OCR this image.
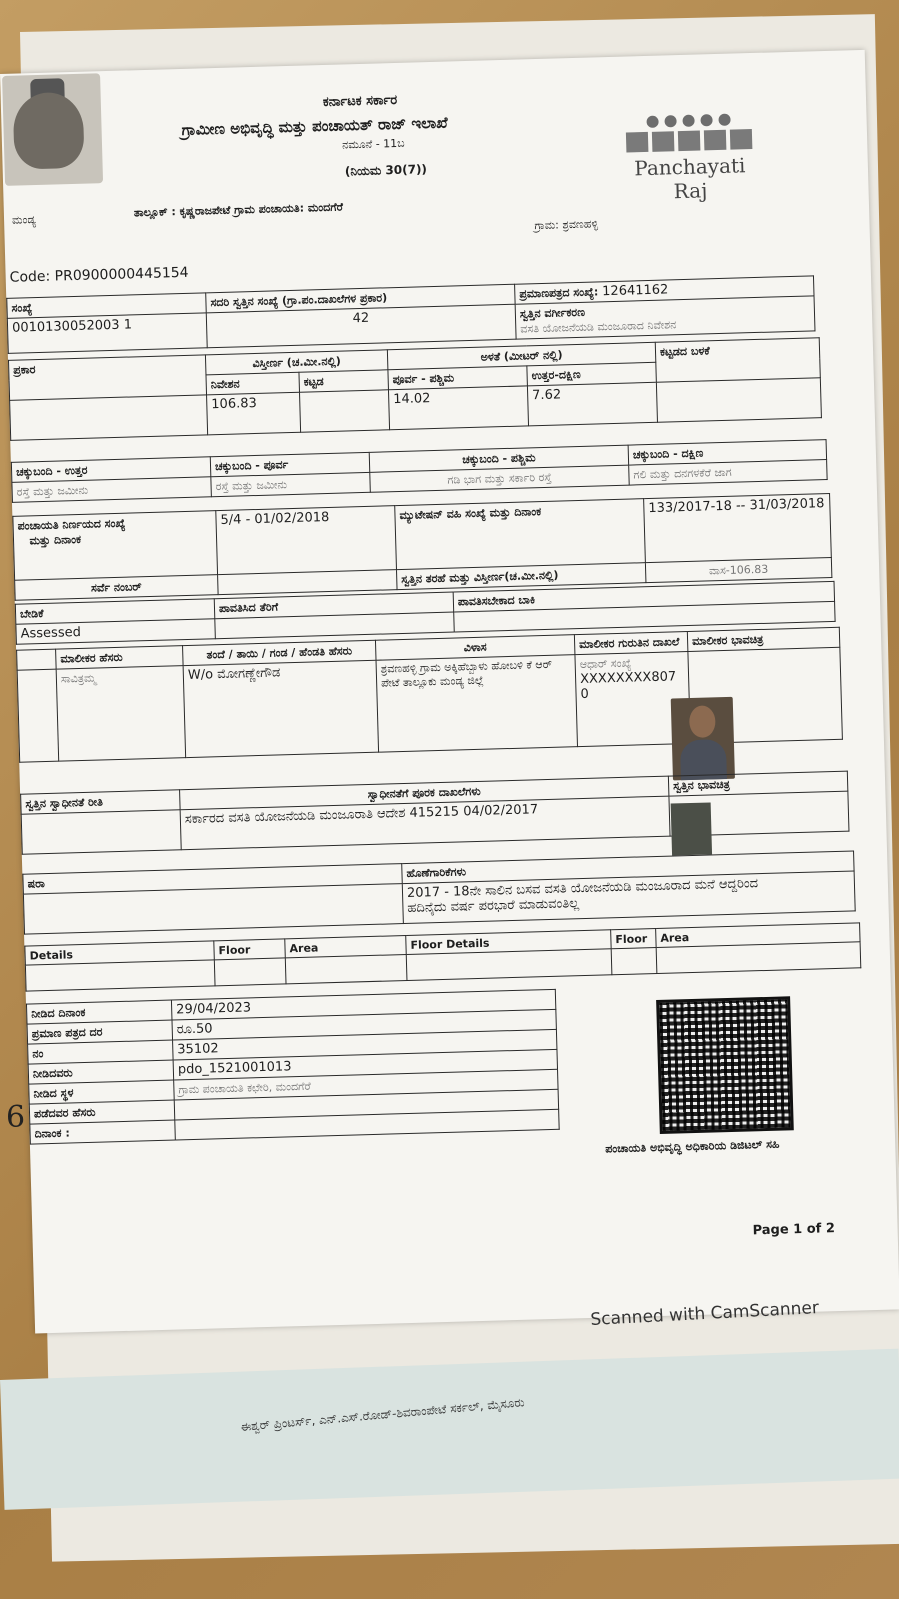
ಈಶ್ವರ್ ಪ್ರಿಂಟರ್ಸ್, ಎನ್.ಎಸ್.ರೋಡ್-ಶಿವರಾಂಪೇಟೆ ಸರ್ಕಲ್, ಮೈಸೂರು
ಕರ್ನಾಟಕ ಸರ್ಕಾರ
ಗ್ರಾಮೀಣ ಅಭಿವೃದ್ಧಿ ಮತ್ತು ಪಂಚಾಯತ್ ರಾಜ್ ಇಲಾಖೆ
ನಮೂನೆ - 11ಬ
(ನಿಯಮ 30(7))
ಮಂಡ್ಯ
ತಾಲ್ಲೂಕ್ : ಕೃಷ್ಣರಾಜಪೇಟೆ ಗ್ರಾಮ ಪಂಚಾಯತಿ: ಮಂದಗೆರೆ
ಗ್ರಾಮ: ಶ್ರವಣಹಳ್ಳಿ
Code: PR0900000445154
Panchayati Raj
ಸಂಖ್ಯೆ	ಸದರಿ ಸ್ವತ್ತಿನ ಸಂಖ್ಯೆ (ಗ್ರಾ.ಪಂ.ದಾಖಲೆಗಳ ಪ್ರಕಾರ)	ಪ್ರಮಾಣಪತ್ರದ ಸಂಖ್ಯೆ: 12641162
0010130052003 1	42	ಸ್ವತ್ತಿನ ವರ್ಗೀಕರಣ
ವಸತಿ ಯೋಜನೆಯಡಿ ಮಂಜೂರಾದ ನಿವೇಶನ
ಪ್ರಕಾರ	ವಿಸ್ತೀರ್ಣ (ಚ.ಮೀ.ನಲ್ಲಿ)		ಅಳತೆ (ಮೀಟರ್ ನಲ್ಲಿ)		ಕಟ್ಟಡದ ಬಳಕೆ
	ನಿವೇಶನ	ಕಟ್ಟಡ	ಪೂರ್ವ - ಪಶ್ಚಿಮ	ಉತ್ತರ-ದಕ್ಷಿಣ	
	106.83		14.02	7.62	
ಚಕ್ಕುಬಂದಿ - ಉತ್ತರ	ಚಕ್ಕುಬಂದಿ - ಪೂರ್ವ	ಚಕ್ಕುಬಂದಿ - ಪಶ್ಚಿಮ	ಚಕ್ಕುಬಂದಿ - ದಕ್ಷಿಣ
ರಸ್ತೆ ಮತ್ತು ಜಮೀನು	ರಸ್ತೆ ಮತ್ತು ಜಮೀನು	ಗಡಿ ಭಾಗ ಮತ್ತು ಸರ್ಕಾರಿ ರಸ್ತೆ	ಗಲಿ ಮತ್ತು ದನಗಳಕೆರೆ ಜಾಗ
ಪಂಚಾಯತಿ ನಿರ್ಣಯದ ಸಂಖ್ಯೆ
ಮತ್ತು ದಿನಾಂಕ	5/4 - 01/02/2018	ಮ್ಯುಟೇಷನ್ ವಹಿ ಸಂಖ್ಯೆ ಮತ್ತು ದಿನಾಂಕ	133/2017-18 -- 31/03/2018
ಸರ್ವೆ ನಂಬರ್		ಸ್ವತ್ತಿನ ತರಹೆ ಮತ್ತು ವಿಸ್ತೀರ್ಣ(ಚ.ಮೀ.ನಲ್ಲಿ)	ವಾಸ-106.83
ಬೇಡಿಕೆ	ಪಾವತಿಸಿದ ತೆರಿಗೆ	ಪಾವತಿಸಬೇಕಾದ ಬಾಕಿ
Assessed		
	ಮಾಲೀಕರ ಹೆಸರು	ತಂದೆ / ತಾಯಿ / ಗಂಡ / ಹೆಂಡತಿ ಹೆಸರು	ವಿಳಾಸ	ಮಾಲೀಕರ ಗುರುತಿನ ದಾಖಲೆ	ಮಾಲೀಕರ ಭಾವಚಿತ್ರ
	ಸಾವಿತ್ರಮ್ಮ	W/o ಮೋಗಣ್ಣೇಗೌಡ	ಶ್ರವಣಹಳ್ಳಿ ಗ್ರಾಮ ಅಕ್ಕಿಹೆಬ್ಬಾಳು ಹೋಬಳಿ ಕೆ ಆರ್ ಪೇಟೆ ತಾಲ್ಲೂಕು ಮಂಡ್ಯ ಜಿಲ್ಲೆ	ಆಧಾರ್ ಸಂಖ್ಯೆ
XXXXXXXX807 0	
ಸ್ವತ್ತಿನ ಸ್ವಾಧೀನತೆ ರೀತಿ	ಸ್ವಾಧೀನತೆಗೆ ಪೂರಕ ದಾಖಲೆಗಳು	ಸ್ವತ್ತಿನ ಭಾವಚಿತ್ರ
	ಸರ್ಕಾರದ ವಸತಿ ಯೋಜನೆಯಡಿ ಮಂಜೂರಾತಿ ಆದೇಶ 415215 04/02/2017	
ಷರಾ	ಹೊಣೆಗಾರಿಕೆಗಳು
	2017 - 18ನೇ ಸಾಲಿನ ಬಸವ ವಸತಿ ಯೋಜನೆಯಡಿ ಮಂಜೂರಾದ ಮನೆ ಆದ್ದರಿಂದ
ಹದಿನೈದು ವರ್ಷ ಪರಭಾರೆ ಮಾಡುವಂತಿಲ್ಲ
Details	Floor	Area	Floor Details	Floor	Area

ನೀಡಿದ ದಿನಾಂಕ	29/04/2023
ಪ್ರಮಾಣ ಪತ್ರದ ದರ	ರೂ.50
ನಂ	35102
ನೀಡಿದವರು	pdo_1521001013
ನೀಡಿದ ಸ್ಥಳ	ಗ್ರಾಮ ಪಂಚಾಯತಿ ಕಛೇರಿ, ಮಂದಗೆರೆ
ಪಡೆದವರ ಹೆಸರು	
ದಿನಾಂಕ :	
ಪಂಚಾಯತಿ ಅಭಿವೃದ್ಧಿ ಅಧಿಕಾರಿಯ ಡಿಜಿಟಲ್ ಸಹಿ
Page 1 of 2
6
Scanned with CamScanner
